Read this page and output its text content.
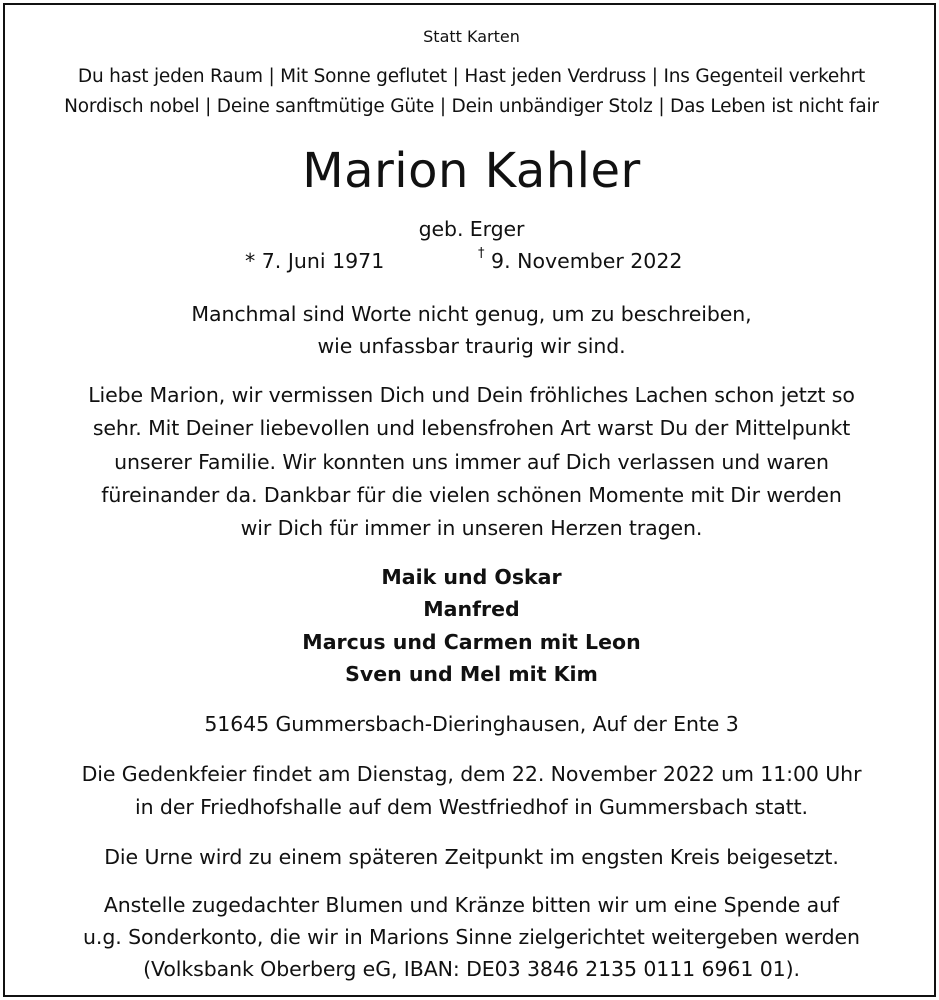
Statt Karten
Du hast jeden Raum | Mit Sonne geflutet | Hast jeden Verdruss | Ins Gegenteil verkehrt
Nordisch nobel | Deine sanftmütige Güte | Dein unbändiger Stolz | Das Leben ist nicht fair
Marion Kahler
geb. Erger
* 7. Juni 1971	† 9. November 2022
Manchmal sind Worte nicht genug, um zu beschreiben,
wie unfassbar traurig wir sind.
Liebe Marion, wir vermissen Dich und Dein fröhliches Lachen schon jetzt so
sehr. Mit Deiner liebevollen und lebensfrohen Art warst Du der Mittelpunkt
unserer Familie. Wir konnten uns immer auf Dich verlassen und waren
füreinander da. Dankbar für die vielen schönen Momente mit Dir werden
wir Dich für immer in unseren Herzen tragen.
Maik und Oskar
Manfred
Marcus und Carmen mit Leon
Sven und Mel mit Kim
51645 Gummersbach-Dieringhausen, Auf der Ente 3
Die Gedenkfeier findet am Dienstag, dem 22. November 2022 um 11:00 Uhr
in der Friedhofshalle auf dem Westfriedhof in Gummersbach statt.
Die Urne wird zu einem späteren Zeitpunkt im engsten Kreis beigesetzt.
Anstelle zugedachter Blumen und Kränze bitten wir um eine Spende auf
u.g. Sonderkonto, die wir in Marions Sinne zielgerichtet weitergeben werden
(Volksbank Oberberg eG, IBAN: DE03 3846 2135 0111 6961 01).
